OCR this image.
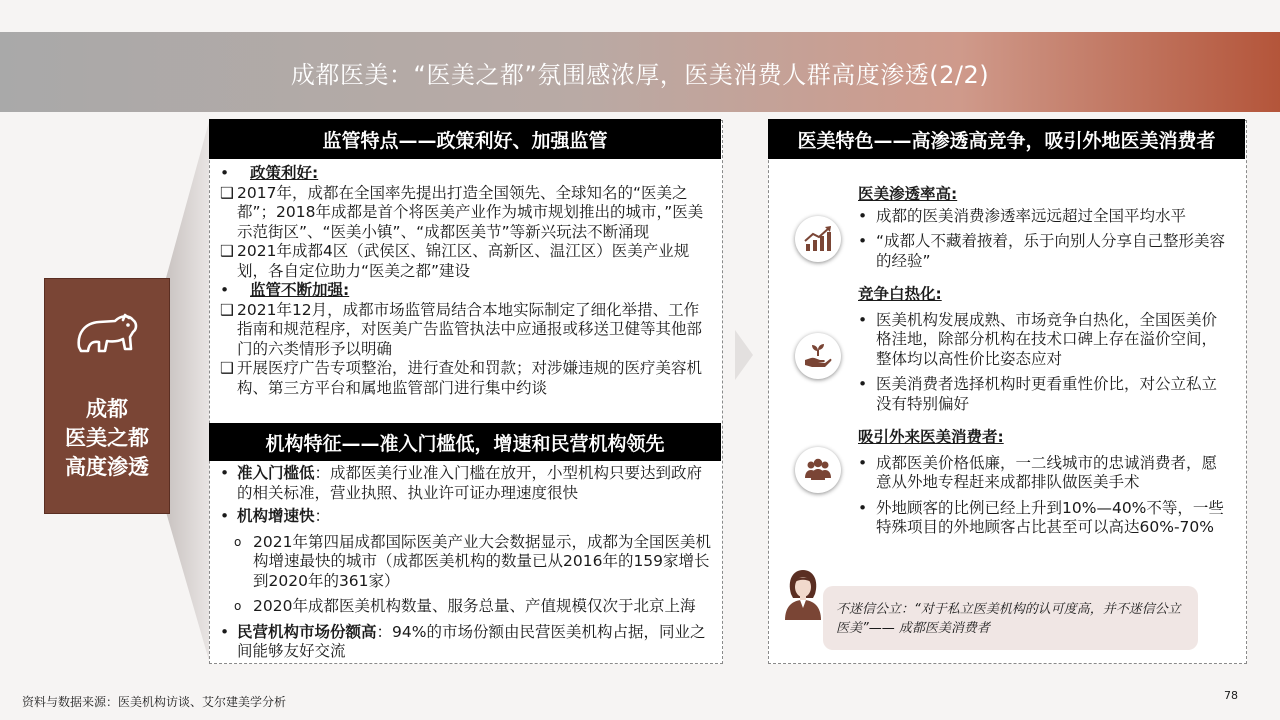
成都医美：“医美之都”氛围感浓厚，医美消费人群高度渗透(2/2)
成都
医美之都
高度渗透
监管特点——政策利好、加强监管
•	政策利好:
❑ 2017年，成都在全国率先提出打造全国领先、全球知名的“医美之都”；2018年成都是首个将医美产业作为城市规划推出的城市，”医美示范街区”、“医美小镇”、“成都医美节”等新兴玩法不断涌现
❑ 2021年成都4区（武侯区、锦江区、高新区、温江区）医美产业规划，各自定位助力“医美之都”建设
•	监管不断加强:
❑ 2021年12月，成都市场监管局结合本地实际制定了细化举措、工作指南和规范程序，对医美广告监管执法中应通报或移送卫健等其他部门的六类情形予以明确
❑ 开展医疗广告专项整治，进行查处和罚款；对涉嫌违规的医疗美容机构、第三方平台和属地监管部门进行集中约谈
机构特征——准入门槛低，增速和民营机构领先
• 准入门槛低：成都医美行业准入门槛在放开，小型机构只要达到政府的相关标准，营业执照、执业许可证办理速度很快
• 机构增速快：
o 2021年第四届成都国际医美产业大会数据显示，成都为全国医美机构增速最快的城市（成都医美机构的数量已从2016年的159家增长到2020年的361家）
o 2020年成都医美机构数量、服务总量、产值规模仅次于北京上海
• 民营机构市场份额高：94%的市场份额由民营医美机构占据，同业之间能够友好交流
医美特色——高渗透高竞争，吸引外地医美消费者

医美渗透率高:

• 成都的医美消费渗透率远远超过全国平均水平
• “成都人不藏着掖着，乐于向别人分享自己整形美容的经验”

竞争白热化:

• 医美机构发展成熟、市场竞争白热化，全国医美价格洼地，除部分机构在技术口碑上存在溢价空间，整体均以高性价比姿态应对
• 医美消费者选择机构时更看重性价比，对公立私立没有特别偏好

吸引外来医美消费者:

• 成都医美价格低廉，一二线城市的忠诚消费者，愿意从外地专程赶来成都排队做医美手术
• 外地顾客的比例已经上升到10%—40%不等，一些特殊项目的外地顾客占比甚至可以高达60%-70%
不迷信公立：“对于私立医美机构的认可度高，并不迷信公立医美”—— 成都医美消费者
资料与数据来源：医美机构访谈、艾尔建美学分析	78
